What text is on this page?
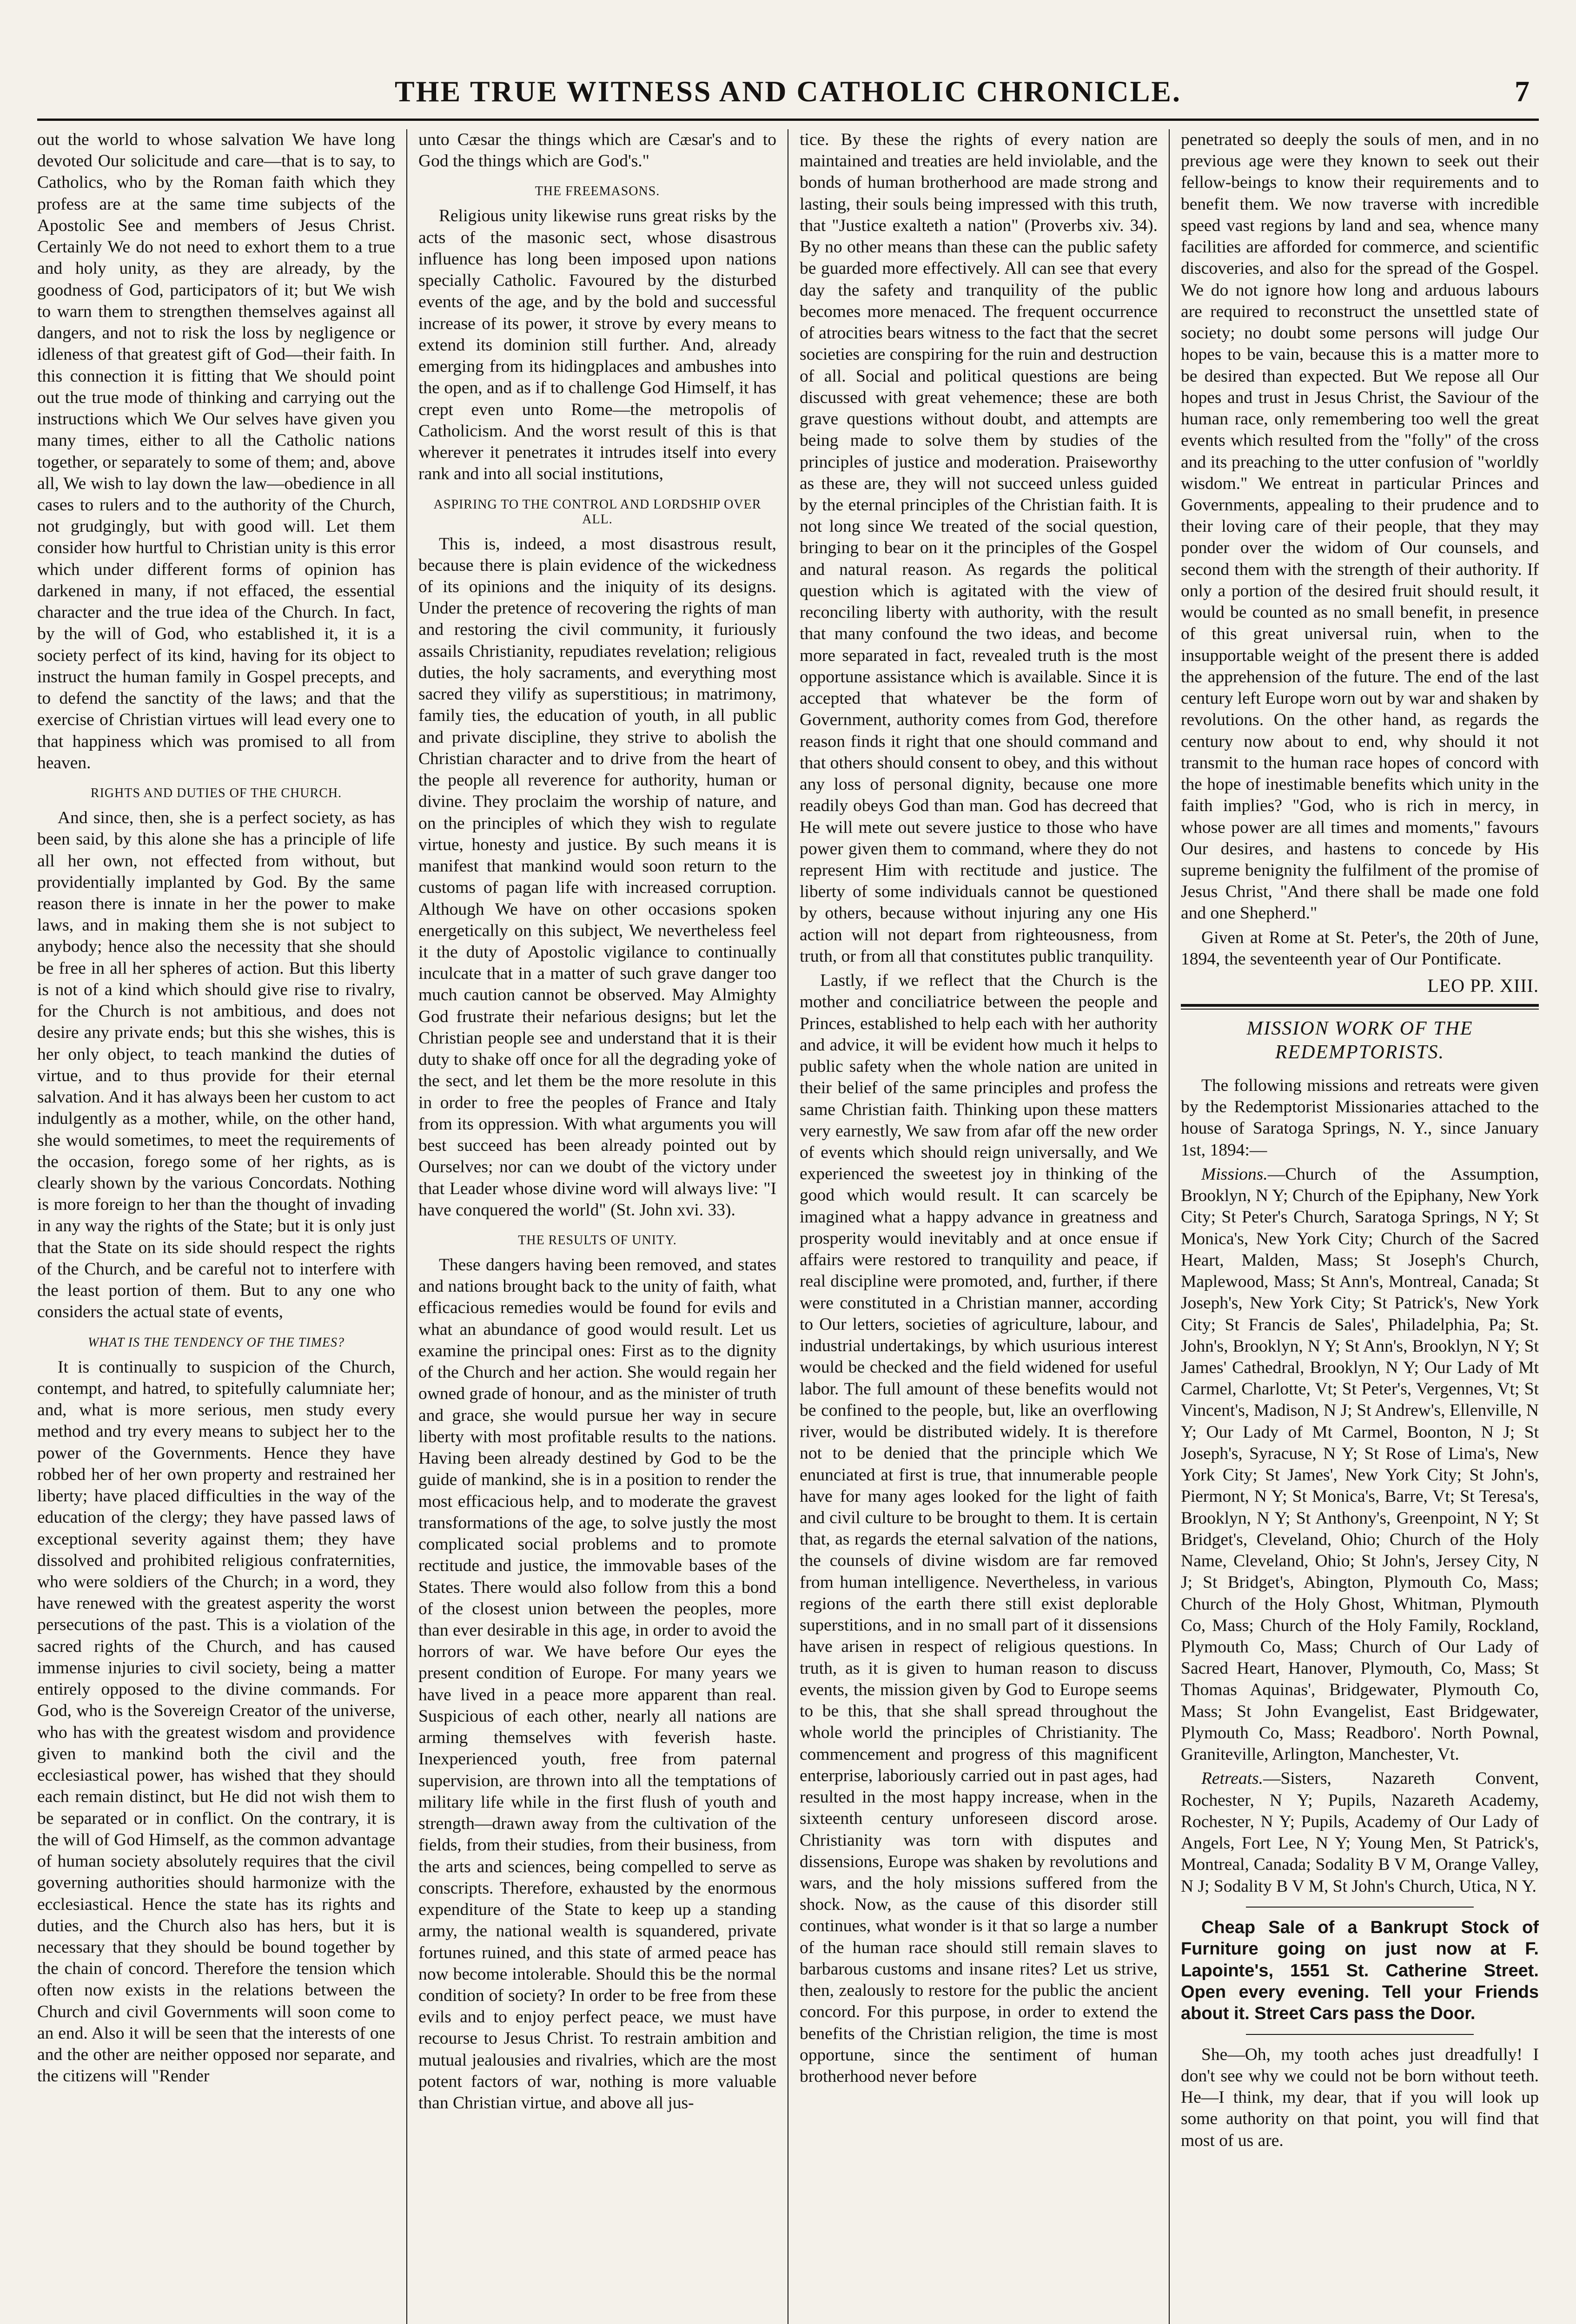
THE TRUE WITNESS AND CATHOLIC CHRONICLE.	7

out the world to whose salvation We have long devoted Our solicitude and care—that is to say, to Catholics, who by the Roman faith which they profess are at the same time subjects of the Apostolic See and members of Jesus Christ. Certainly We do not need to exhort them to a true and holy unity, as they are already, by the goodness of God, participators of it; but We wish to warn them to strengthen themselves against all dangers, and not to risk the loss by negligence or idleness of that greatest gift of God—their faith. In this connection it is fitting that We should point out the true mode of thinking and carrying out the instructions which We Our selves have given you many times, either to all the Catholic nations together, or separately to some of them; and, above all, We wish to lay down the law—obedience in all cases to rulers and to the authority of the Church, not grudgingly, but with good will. Let them consider how hurtful to Christian unity is this error which under different forms of opinion has darkened in many, if not effaced, the essential character and the true idea of the Church. In fact, by the will of God, who established it, it is a society perfect of its kind, having for its object to instruct the human family in Gospel precepts, and to defend the sanctity of the laws; and that the exercise of Christian virtues will lead every one to that happiness which was promised to all from heaven.

RIGHTS AND DUTIES OF THE CHURCH.

And since, then, she is a perfect society, as has been said, by this alone she has a principle of life all her own, not effected from without, but providentially implanted by God. By the same reason there is innate in her the power to make laws, and in making them she is not subject to anybody; hence also the necessity that she should be free in all her spheres of action. But this liberty is not of a kind which should give rise to rivalry, for the Church is not ambitious, and does not desire any private ends; but this she wishes, this is her only object, to teach mankind the duties of virtue, and to thus provide for their eternal salvation. And it has always been her custom to act indulgently as a mother, while, on the other hand, she would sometimes, to meet the requirements of the occasion, forego some of her rights, as is clearly shown by the various Concordats. Nothing is more foreign to her than the thought of invading in any way the rights of the State; but it is only just that the State on its side should respect the rights of the Church, and be careful not to interfere with the least portion of them. But to any one who considers the actual state of events,

WHAT IS THE TENDENCY OF THE TIMES?

It is continually to suspicion of the Church, contempt, and hatred, to spitefully calumniate her; and, what is more serious, men study every method and try every means to subject her to the power of the Governments. Hence they have robbed her of her own property and restrained her liberty; have placed difficulties in the way of the education of the clergy; they have passed laws of exceptional severity against them; they have dissolved and prohibited religious confraternities, who were soldiers of the Church; in a word, they have renewed with the greatest asperity the worst persecutions of the past. This is a violation of the sacred rights of the Church, and has caused immense injuries to civil society, being a matter entirely opposed to the divine commands. For God, who is the Sovereign Creator of the universe, who has with the greatest wisdom and providence given to mankind both the civil and the ecclesiastical power, has wished that they should each remain distinct, but He did not wish them to be separated or in conflict. On the contrary, it is the will of God Himself, as the common advantage of human society absolutely requires that the civil governing authorities should harmonize with the ecclesiastical. Hence the state has its rights and duties, and the Church also has hers, but it is necessary that they should be bound together by the chain of concord. Therefore the tension which often now exists in the relations between the Church and civil Governments will soon come to an end. Also it will be seen that the interests of one and the other are neither opposed nor separate, and the citizens will "Render

unto Cæsar the things which are Cæsar's and to God the things which are God's."

THE FREEMASONS.

Religious unity likewise runs great risks by the acts of the masonic sect, whose disastrous influence has long been imposed upon nations specially Catholic. Favoured by the disturbed events of the age, and by the bold and successful increase of its power, it strove by every means to extend its dominion still further. And, already emerging from its hidingplaces and ambushes into the open, and as if to challenge God Himself, it has crept even unto Rome—the metropolis of Catholicism. And the worst result of this is that wherever it penetrates it intrudes itself into every rank and into all social institutions,

ASPIRING TO THE CONTROL AND LORDSHIP OVER ALL.

This is, indeed, a most disastrous result, because there is plain evidence of the wickedness of its opinions and the iniquity of its designs. Under the pretence of recovering the rights of man and restoring the civil community, it furiously assails Christianity, repudiates revelation; religious duties, the holy sacraments, and everything most sacred they vilify as superstitious; in matrimony, family ties, the education of youth, in all public and private discipline, they strive to abolish the Christian character and to drive from the heart of the people all reverence for authority, human or divine. They proclaim the worship of nature, and on the principles of which they wish to regulate virtue, honesty and justice. By such means it is manifest that mankind would soon return to the customs of pagan life with increased corruption. Although We have on other occasions spoken energetically on this subject, We nevertheless feel it the duty of Apostolic vigilance to continually inculcate that in a matter of such grave danger too much caution cannot be observed. May Almighty God frustrate their nefarious designs; but let the Christian people see and understand that it is their duty to shake off once for all the degrading yoke of the sect, and let them be the more resolute in this in order to free the peoples of France and Italy from its oppression. With what arguments you will best succeed has been already pointed out by Ourselves; nor can we doubt of the victory under that Leader whose divine word will always live: "I have conquered the world" (St. John xvi. 33).

THE RESULTS OF UNITY.

These dangers having been removed, and states and nations brought back to the unity of faith, what efficacious remedies would be found for evils and what an abundance of good would result. Let us examine the principal ones: First as to the dignity of the Church and her action. She would regain her owned grade of honour, and as the minister of truth and grace, she would pursue her way in secure liberty with most profitable results to the nations. Having been already destined by God to be the guide of mankind, she is in a position to render the most efficacious help, and to moderate the gravest transformations of the age, to solve justly the most complicated social problems and to promote rectitude and justice, the immovable bases of the States. There would also follow from this a bond of the closest union between the peoples, more than ever desirable in this age, in order to avoid the horrors of war. We have before Our eyes the present condition of Europe. For many years we have lived in a peace more apparent than real. Suspicious of each other, nearly all nations are arming themselves with feverish haste. Inexperienced youth, free from paternal supervision, are thrown into all the temptations of military life while in the first flush of youth and strength—drawn away from the cultivation of the fields, from their studies, from their business, from the arts and sciences, being compelled to serve as conscripts. Therefore, exhausted by the enormous expenditure of the State to keep up a standing army, the national wealth is squandered, private fortunes ruined, and this state of armed peace has now become intolerable. Should this be the normal condition of society? In order to be free from these evils and to enjoy perfect peace, we must have recourse to Jesus Christ. To restrain ambition and mutual jealousies and rivalries, which are the most potent factors of war, nothing is more valuable than Christian virtue, and above all jus-

tice. By these the rights of every nation are maintained and treaties are held inviolable, and the bonds of human brotherhood are made strong and lasting, their souls being impressed with this truth, that "Justice exalteth a nation" (Proverbs xiv. 34). By no other means than these can the public safety be guarded more effectively. All can see that every day the safety and tranquility of the public becomes more menaced. The frequent occurrence of atrocities bears witness to the fact that the secret societies are conspiring for the ruin and destruction of all. Social and political questions are being discussed with great vehemence; these are both grave questions without doubt, and attempts are being made to solve them by studies of the principles of justice and moderation. Praiseworthy as these are, they will not succeed unless guided by the eternal principles of the Christian faith. It is not long since We treated of the social question, bringing to bear on it the principles of the Gospel and natural reason. As regards the political question which is agitated with the view of reconciling liberty with authority, with the result that many confound the two ideas, and become more separated in fact, revealed truth is the most opportune assistance which is available. Since it is accepted that whatever be the form of Government, authority comes from God, therefore reason finds it right that one should command and that others should consent to obey, and this without any loss of personal dignity, because one more readily obeys God than man. God has decreed that He will mete out severe justice to those who have power given them to command, where they do not represent Him with rectitude and justice. The liberty of some individuals cannot be questioned by others, because without injuring any one His action will not depart from righteousness, from truth, or from all that constitutes public tranquility.

Lastly, if we reflect that the Church is the mother and conciliatrice between the people and Princes, established to help each with her authority and advice, it will be evident how much it helps to public safety when the whole nation are united in their belief of the same principles and profess the same Christian faith. Thinking upon these matters very earnestly, We saw from afar off the new order of events which should reign universally, and We experienced the sweetest joy in thinking of the good which would result. It can scarcely be imagined what a happy advance in greatness and prosperity would inevitably and at once ensue if affairs were restored to tranquility and peace, if real discipline were promoted, and, further, if there were constituted in a Christian manner, according to Our letters, societies of agriculture, labour, and industrial undertakings, by which usurious interest would be checked and the field widened for useful labor. The full amount of these benefits would not be confined to the people, but, like an overflowing river, would be distributed widely. It is therefore not to be denied that the principle which We enunciated at first is true, that innumerable people have for many ages looked for the light of faith and civil culture to be brought to them. It is certain that, as regards the eternal salvation of the nations, the counsels of divine wisdom are far removed from human intelligence. Nevertheless, in various regions of the earth there still exist deplorable superstitions, and in no small part of it dissensions have arisen in respect of religious questions. In truth, as it is given to human reason to discuss events, the mission given by God to Europe seems to be this, that she shall spread throughout the whole world the principles of Christianity. The commencement and progress of this magnificent enterprise, laboriously carried out in past ages, had resulted in the most happy increase, when in the sixteenth century unforeseen discord arose. Christianity was torn with disputes and dissensions, Europe was shaken by revolutions and wars, and the holy missions suffered from the shock. Now, as the cause of this disorder still continues, what wonder is it that so large a number of the human race should still remain slaves to barbarous customs and insane rites? Let us strive, then, zealously to restore for the public the ancient concord. For this purpose, in order to extend the benefits of the Christian religion, the time is most opportune, since the sentiment of human brotherhood never before

penetrated so deeply the souls of men, and in no previous age were they known to seek out their fellow-beings to know their requirements and to benefit them. We now traverse with incredible speed vast regions by land and sea, whence many facilities are afforded for commerce, and scientific discoveries, and also for the spread of the Gospel. We do not ignore how long and arduous labours are required to reconstruct the unsettled state of society; no doubt some persons will judge Our hopes to be vain, because this is a matter more to be desired than expected. But We repose all Our hopes and trust in Jesus Christ, the Saviour of the human race, only remembering too well the great events which resulted from the "folly" of the cross and its preaching to the utter confusion of "worldly wisdom." We entreat in particular Princes and Governments, appealing to their prudence and to their loving care of their people, that they may ponder over the widom of Our counsels, and second them with the strength of their authority. If only a portion of the desired fruit should result, it would be counted as no small benefit, in presence of this great universal ruin, when to the insupportable weight of the present there is added the apprehension of the future. The end of the last century left Europe worn out by war and shaken by revolutions. On the other hand, as regards the century now about to end, why should it not transmit to the human race hopes of concord with the hope of inestimable benefits which unity in the faith implies? "God, who is rich in mercy, in whose power are all times and moments," favours Our desires, and hastens to concede by His supreme benignity the fulfilment of the promise of Jesus Christ, "And there shall be made one fold and one Shepherd."

Given at Rome at St. Peter's, the 20th of June, 1894, the seventeenth year of Our Pontificate.

LEO PP. XIII.
MISSION WORK OF THE REDEMPTORISTS.

The following missions and retreats were given by the Redemptorist Missionaries attached to the house of Saratoga Springs, N. Y., since January 1st, 1894:—

Missions.—Church of the Assumption, Brooklyn, N Y; Church of the Epiphany, New York City; St Peter's Church, Saratoga Springs, N Y; St Monica's, New York City; Church of the Sacred Heart, Malden, Mass; St Joseph's Church, Maplewood, Mass; St Ann's, Montreal, Canada; St Joseph's, New York City; St Patrick's, New York City; St Francis de Sales', Philadelphia, Pa; St. John's, Brooklyn, N Y; St Ann's, Brooklyn, N Y; St James' Cathedral, Brooklyn, N Y; Our Lady of Mt Carmel, Charlotte, Vt; St Peter's, Vergennes, Vt; St Vincent's, Madison, N J; St Andrew's, Ellenville, N Y; Our Lady of Mt Carmel, Boonton, N J; St Joseph's, Syracuse, N Y; St Rose of Lima's, New York City; St James', New York City; St John's, Piermont, N Y; St Monica's, Barre, Vt; St Teresa's, Brooklyn, N Y; St Anthony's, Greenpoint, N Y; St Bridget's, Cleveland, Ohio; Church of the Holy Name, Cleveland, Ohio; St John's, Jersey City, N J; St Bridget's, Abington, Plymouth Co, Mass; Church of the Holy Ghost, Whitman, Plymouth Co, Mass; Church of the Holy Family, Rockland, Plymouth Co, Mass; Church of Our Lady of Sacred Heart, Hanover, Plymouth, Co, Mass; St Thomas Aquinas', Bridgewater, Plymouth Co, Mass; St John Evangelist, East Bridgewater, Plymouth Co, Mass; Readboro'. North Pownal, Graniteville, Arlington, Manchester, Vt.

Retreats.—Sisters, Nazareth Convent, Rochester, N Y; Pupils, Nazareth Academy, Rochester, N Y; Pupils, Academy of Our Lady of Angels, Fort Lee, N Y; Young Men, St Patrick's, Montreal, Canada; Sodality B V M, Orange Valley, N J; Sodality B V M, St John's Church, Utica, N Y.

Cheap Sale of a Bankrupt Stock of Furniture going on just now at F. Lapointe's, 1551 St. Catherine Street. Open every evening. Tell your Friends about it. Street Cars pass the Door.

She—Oh, my tooth aches just dreadfully! I don't see why we could not be born without teeth. He—I think, my dear, that if you will look up some authority on that point, you will find that most of us are.
